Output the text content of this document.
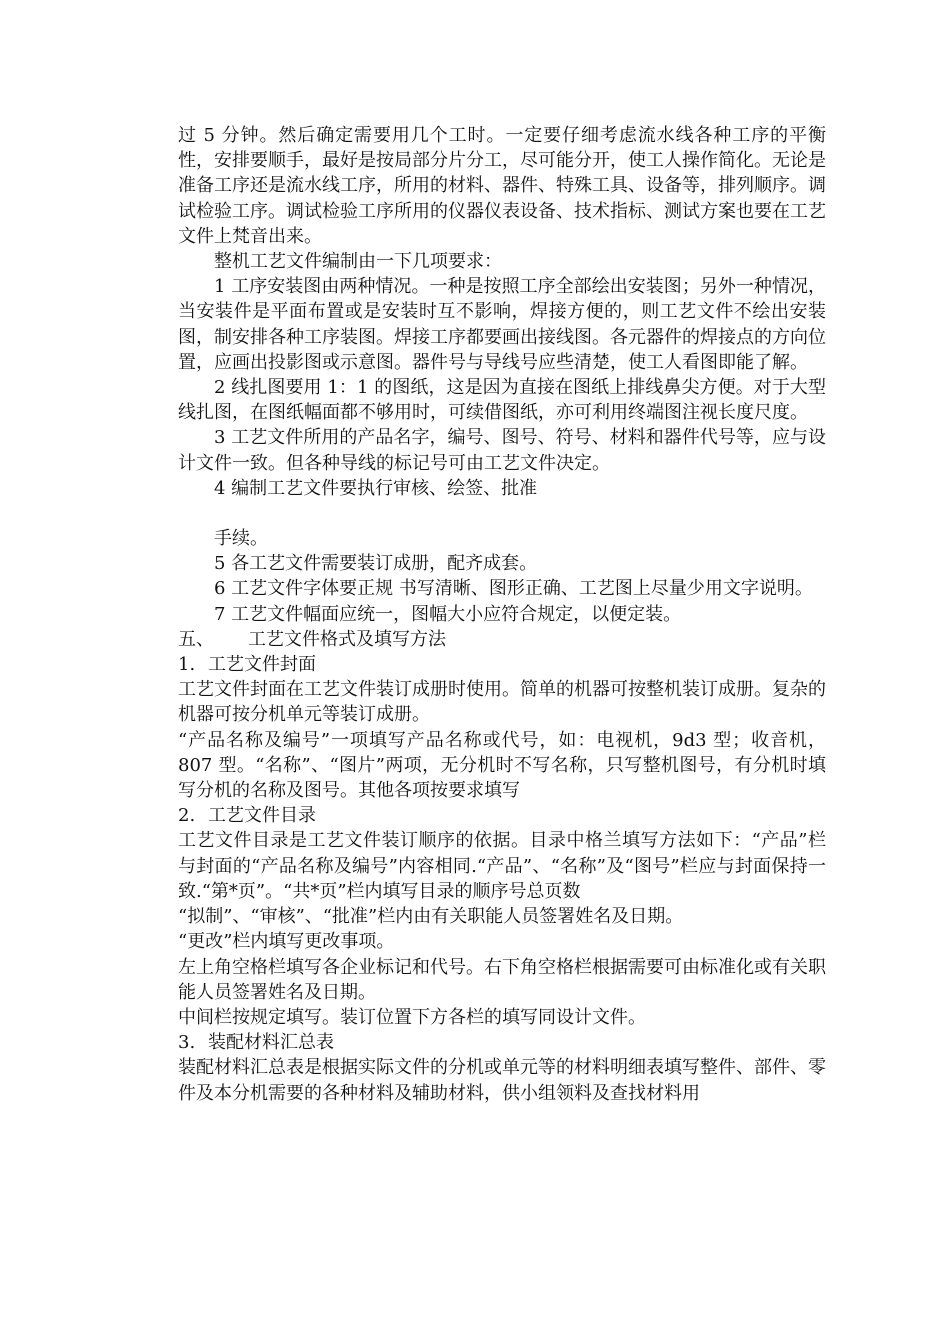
过 5 分钟。然后确定需要用几个工时。一定要仔细考虑流水线各种工序的平衡性，安排要顺手，最好是按局部分片分工，尽可能分开，使工人操作简化。无论是准备工序还是流水线工序，所用的材料、器件、特殊工具、设备等，排列顺序。调试检验工序。调试检验工序所用的仪器仪表设备、技术指标、测试方案也要在工艺文件上梵音出来。

整机工艺文件编制由一下几项要求：

1 工序安装图由两种情况。一种是按照工序全部绘出安装图；另外一种情况，当安装件是平面布置或是安装时互不影响，焊接方便的，则工艺文件不绘出安装图，制安排各种工序装图。焊接工序都要画出接线图。各元器件的焊接点的方向位置，应画出投影图或示意图。器件号与导线号应些清楚，使工人看图即能了解。

2 线扎图要用 1：1 的图纸，这是因为直接在图纸上排线鼻尖方便。对于大型线扎图，在图纸幅面都不够用时，可续借图纸，亦可利用终端图注视长度尺度。

3 工艺文件所用的产品名字，编号、图号、符号、材料和器件代号等，应与设计文件一致。但各种导线的标记号可由工艺文件决定。

4 编制工艺文件要执行审核、绘签、批准

手续。

5 各工艺文件需要装订成册，配齐成套。

6 工艺文件字体要正规 书写清晰、图形正确、工艺图上尽量少用文字说明。

7 工艺文件幅面应统一，图幅大小应符合规定，以便定装。

五、	工艺文件格式及填写方法
1. 工艺文件封面

工艺文件封面在工艺文件装订成册时使用。简单的机器可按整机装订成册。复杂的机器可按分机单元等装订成册。

“产品名称及编号”一项填写产品名称或代号，如：电视机，9d3 型；收音机，807 型。“名称”、“图片”两项，无分机时不写名称，只写整机图号，有分机时填写分机的名称及图号。其他各项按要求填写

2. 工艺文件目录

工艺文件目录是工艺文件装订顺序的依据。目录中格兰填写方法如下：“产品”栏与封面的“产品名称及编号”内容相同.“产品”、“名称”及“图号”栏应与封面保持一致.“第*页”。“共*页”栏内填写目录的顺序号总页数

“拟制”、“审核”、“批准”栏内由有关职能人员签署姓名及日期。

“更改”栏内填写更改事项。

左上角空格栏填写各企业标记和代号。右下角空格栏根据需要可由标准化或有关职能人员签署姓名及日期。

中间栏按规定填写。装订位置下方各栏的填写同设计文件。

3. 装配材料汇总表

装配材料汇总表是根据实际文件的分机或单元等的材料明细表填写整件、部件、零件及本分机需要的各种材料及辅助材料，供小组领料及查找材料用
